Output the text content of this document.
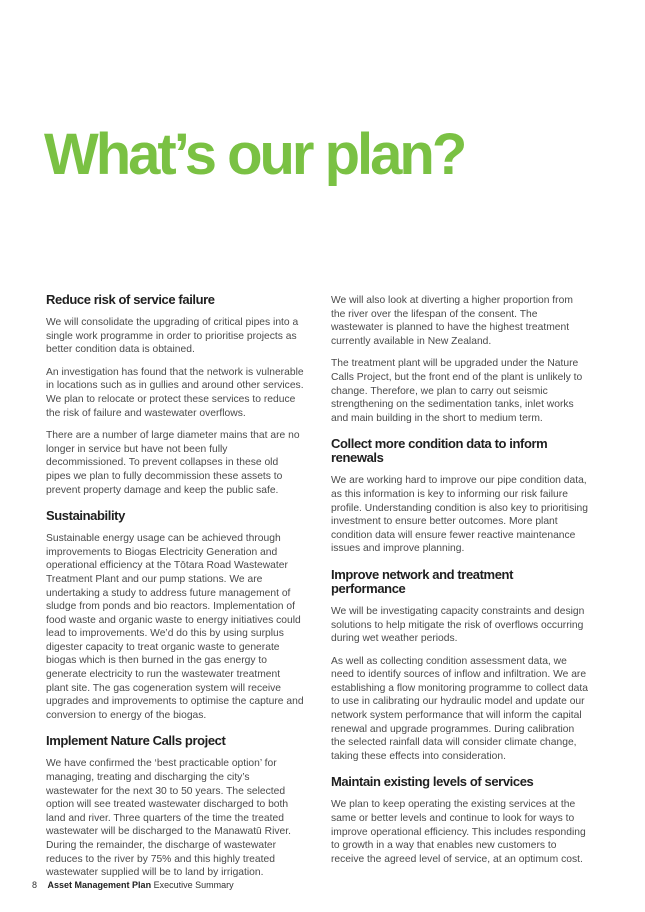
What’s our plan?
Reduce risk of service failure

We will consolidate the upgrading of critical pipes into a single work programme in order to prioritise projects as better condition data is obtained.

An investigation has found that the network is vulnerable in locations such as in gullies and around other services. We plan to relocate or protect these services to reduce the risk of failure and wastewater overflows.

There are a number of large diameter mains that are no longer in service but have not been fully decommissioned. To prevent collapses in these old pipes we plan to fully decommission these assets to prevent property damage and keep the public safe.

Sustainability

Sustainable energy usage can be achieved through improvements to Biogas Electricity Generation and operational efficiency at the Tōtara Road Wastewater Treatment Plant and our pump stations. We are undertaking a study to address future management of sludge from ponds and bio reactors. Implementation of food waste and organic waste to energy initiatives could lead to improvements. We’d do this by using surplus digester capacity to treat organic waste to generate biogas which is then burned in the gas energy to generate electricity to run the wastewater treatment plant site. The gas cogeneration system will receive upgrades and improvements to optimise the capture and conversion to energy of the biogas.

Implement Nature Calls project

We have confirmed the ‘best practicable option’ for managing, treating and discharging the city’s wastewater for the next 30 to 50 years. The selected option will see treated wastewater discharged to both land and river. Three quarters of the time the treated wastewater will be discharged to the Manawatū River. During the remainder, the discharge of wastewater reduces to the river by 75% and this highly treated wastewater supplied will be to land by irrigation.

We will also look at diverting a higher proportion from the river over the lifespan of the consent. The wastewater is planned to have the highest treatment currently available in New Zealand.

The treatment plant will be upgraded under the Nature Calls Project, but the front end of the plant is unlikely to change. Therefore, we plan to carry out seismic strengthening on the sedimentation tanks, inlet works and main building in the short to medium term.

Collect more condition data to inform renewals

We are working hard to improve our pipe condition data, as this information is key to informing our risk failure profile. Understanding condition is also key to prioritising investment to ensure better outcomes. More plant condition data will ensure fewer reactive maintenance issues and improve planning.

Improve network and treatment performance

We will be investigating capacity constraints and design solutions to help mitigate the risk of overflows occurring during wet weather periods.

As well as collecting condition assessment data, we need to identify sources of inflow and infiltration. We are establishing a flow monitoring programme to collect data to use in calibrating our hydraulic model and update our network system performance that will inform the capital renewal and upgrade programmes. During calibration the selected rainfall data will consider climate change, taking these effects into consideration.

Maintain existing levels of services

We plan to keep operating the existing services at the same or better levels and continue to look for ways to improve operational efficiency. This includes responding to growth in a way that enables new customers to receive the agreed level of service, at an optimum cost.

8 Asset Management Plan Executive Summary
